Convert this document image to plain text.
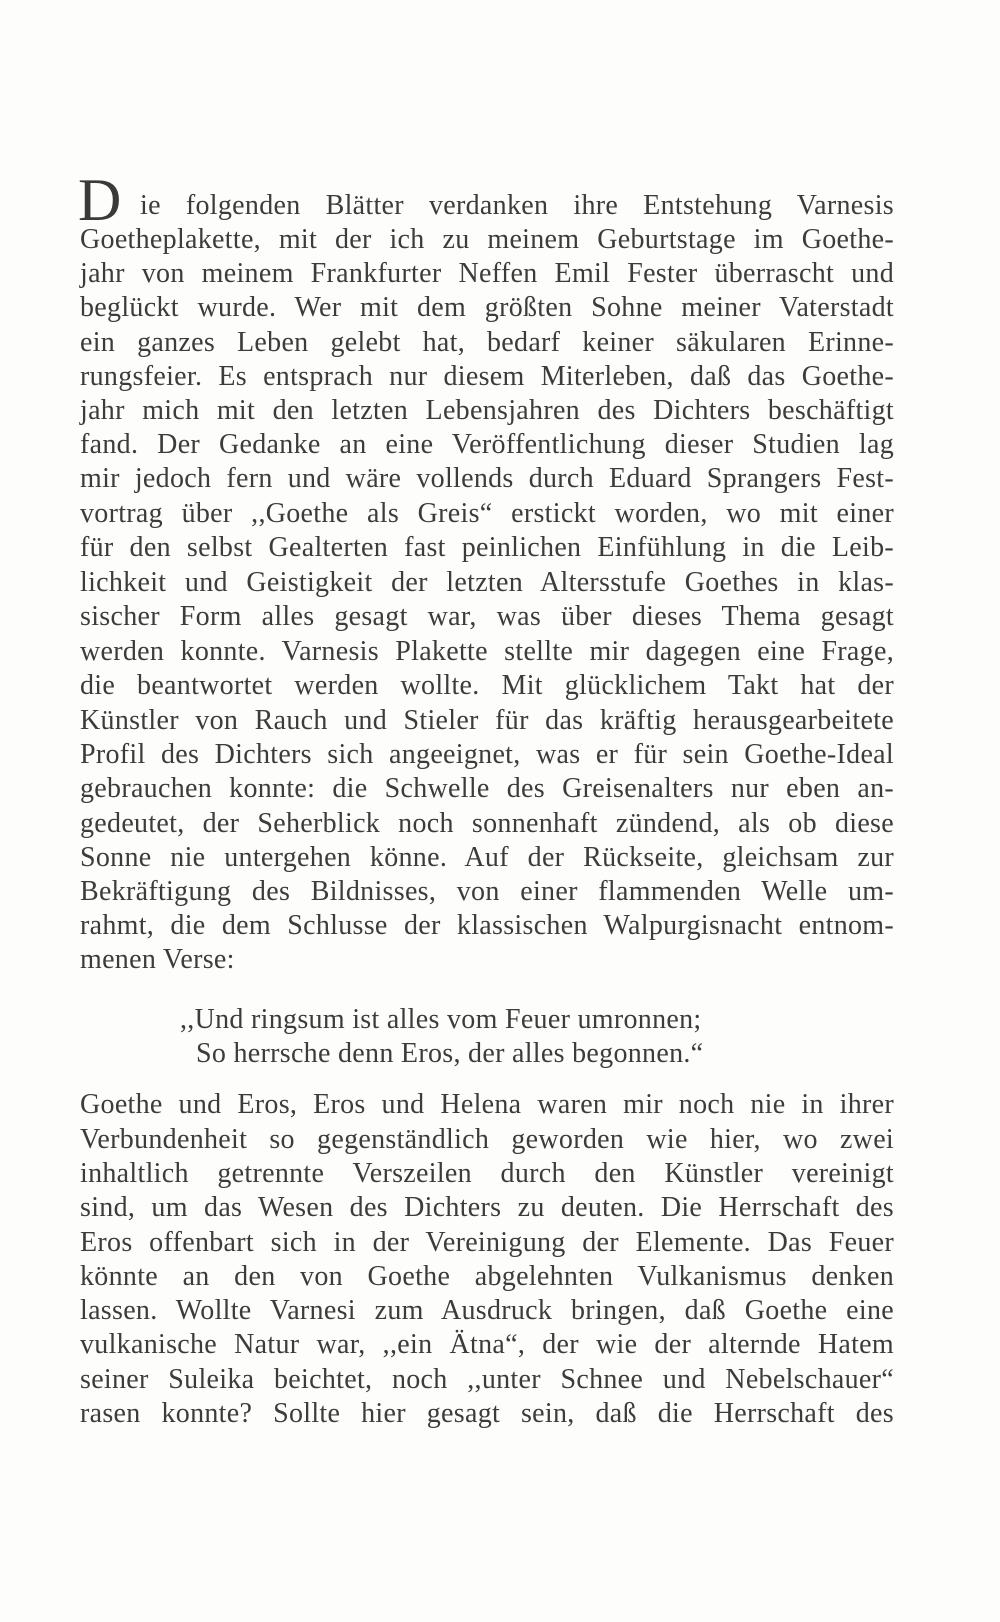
D ie folgenden Blätter verdanken ihre Entstehung Varnesis
Goetheplakette, mit der ich zu meinem Geburtstage im Goethe-
jahr von meinem Frankfurter Neffen Emil Fester überrascht und
beglückt wurde. Wer mit dem größten Sohne meiner Vaterstadt
ein ganzes Leben gelebt hat, bedarf keiner säkularen Erinne-
rungsfeier. Es entsprach nur diesem Miterleben, daß das Goethe-
jahr mich mit den letzten Lebensjahren des Dichters beschäftigt
fand. Der Gedanke an eine Veröffentlichung dieser Studien lag
mir jedoch fern und wäre vollends durch Eduard Sprangers Fest-
vortrag über ,,Goethe als Greis“ erstickt worden, wo mit einer
für den selbst Gealterten fast peinlichen Einfühlung in die Leib-
lichkeit und Geistigkeit der letzten Altersstufe Goethes in klas-
sischer Form alles gesagt war, was über dieses Thema gesagt
werden konnte. Varnesis Plakette stellte mir dagegen eine Frage,
die beantwortet werden wollte. Mit glücklichem Takt hat der
Künstler von Rauch und Stieler für das kräftig herausgearbeitete
Profil des Dichters sich angeeignet, was er für sein Goethe-Ideal
gebrauchen konnte: die Schwelle des Greisenalters nur eben an-
gedeutet, der Seherblick noch sonnenhaft zündend, als ob diese
Sonne nie untergehen könne. Auf der Rückseite, gleichsam zur
Bekräftigung des Bildnisses, von einer flammenden Welle um-
rahmt, die dem Schlusse der klassischen Walpurgisnacht entnom-
menen Verse:
,,Und ringsum ist alles vom Feuer umronnen;
So herrsche denn Eros, der alles begonnen.“
Goethe und Eros, Eros und Helena waren mir noch nie in ihrer
Verbundenheit so gegenständlich geworden wie hier, wo zwei
inhaltlich getrennte Verszeilen durch den Künstler vereinigt
sind, um das Wesen des Dichters zu deuten. Die Herrschaft des
Eros offenbart sich in der Vereinigung der Elemente. Das Feuer
könnte an den von Goethe abgelehnten Vulkanismus denken
lassen. Wollte Varnesi zum Ausdruck bringen, daß Goethe eine
vulkanische Natur war, ,,ein Ätna“, der wie der alternde Hatem
seiner Suleika beichtet, noch ,,unter Schnee und Nebelschauer“
rasen konnte? Sollte hier gesagt sein, daß die Herrschaft des
